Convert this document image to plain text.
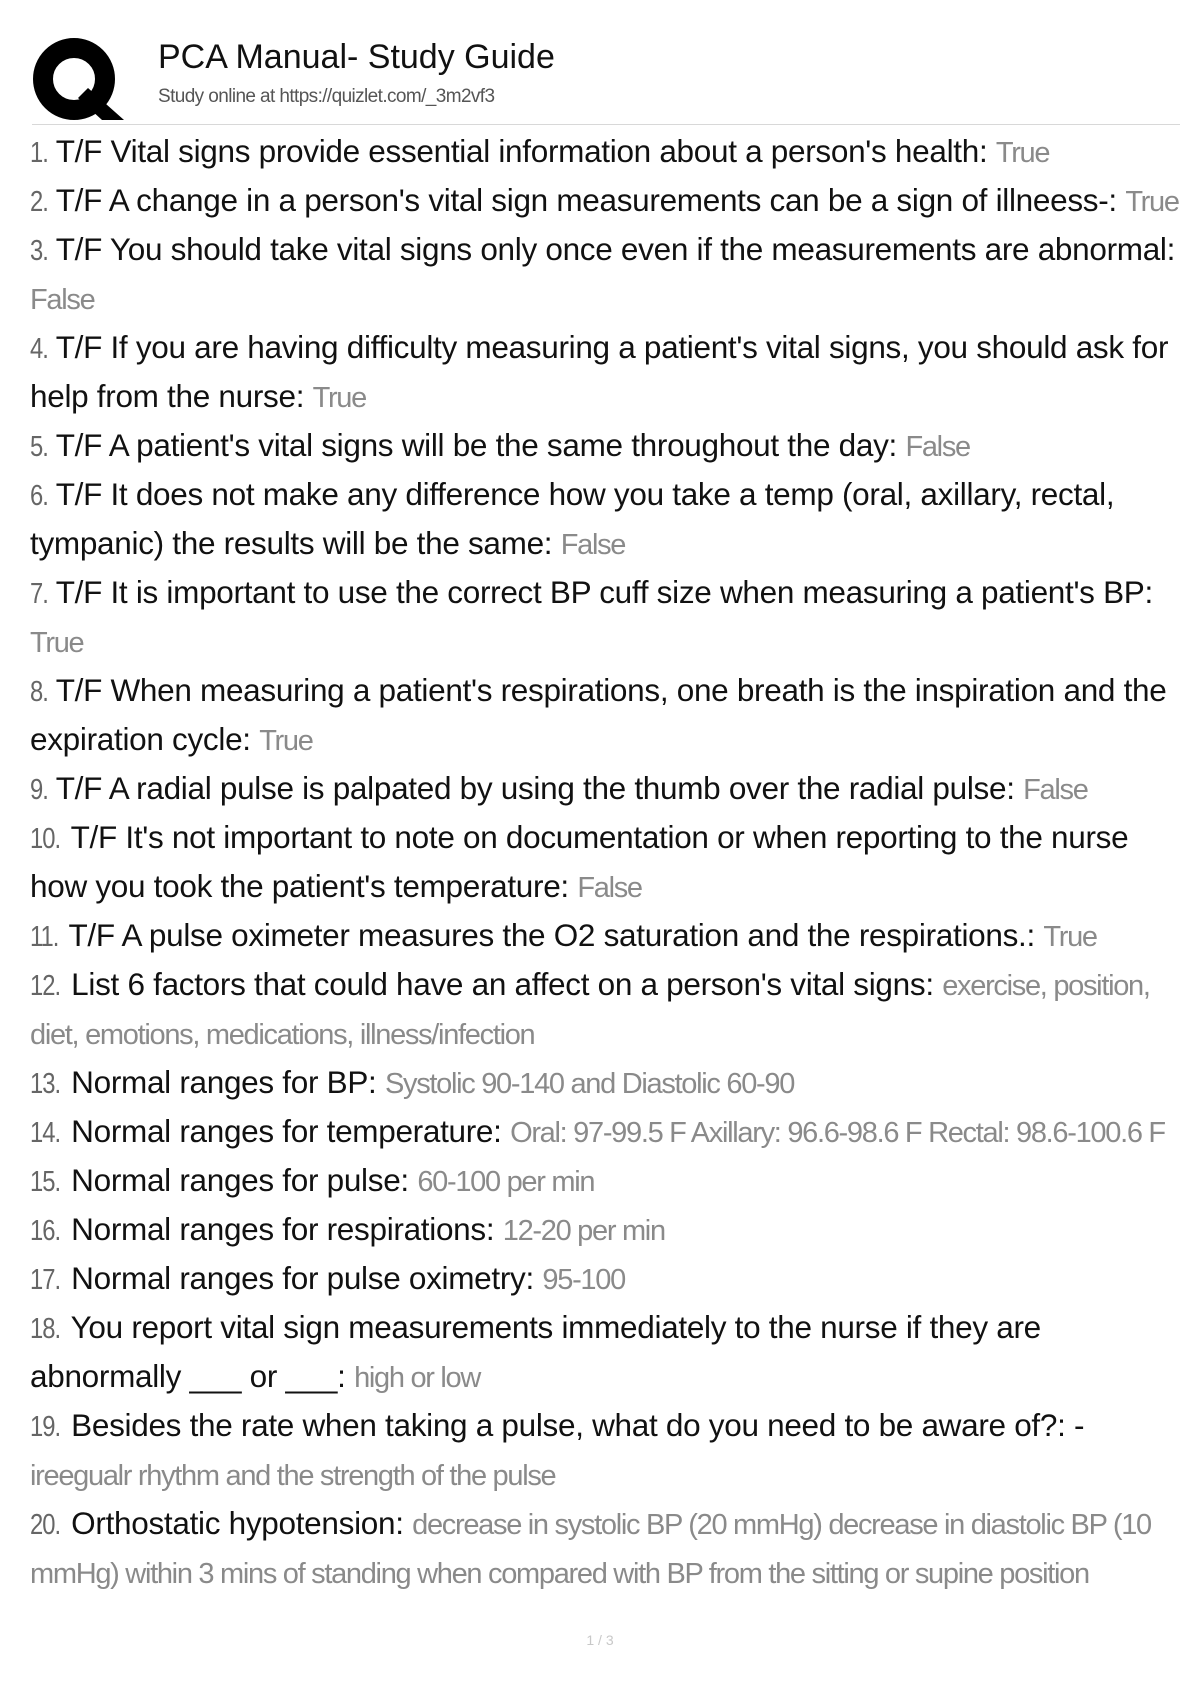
PCA Manual- Study Guide
Study online at https://quizlet.com/_3m2vf3

1. T/F Vital signs provide essential information about a person's health: True

2. T/F A change in a person's vital sign measurements can be a sign of illneess-: True

3. T/F You should take vital signs only once even if the measurements are abnormal: False

4. T/F If you are having difficulty measuring a patient's vital signs, you should ask for help from the nurse: True

5. T/F A patient's vital signs will be the same throughout the day: False

6. T/F It does not make any difference how you take a temp (oral, axillary, rectal, tympanic) the results will be the same: False

7. T/F It is important to use the correct BP cuff size when measuring a patient's BP: True

8. T/F When measuring a patient's respirations, one breath is the inspiration and the expiration cycle: True

9. T/F A radial pulse is palpated by using the thumb over the radial pulse: False

10. T/F It's not important to note on documentation or when reporting to the nurse how you took the patient's temperature: False

11. T/F A pulse oximeter measures the O2 saturation and the respirations.: True

12. List 6 factors that could have an affect on a person's vital signs: exercise, position, diet, emotions, medications, illness/infection

13. Normal ranges for BP: Systolic 90-140 and Diastolic 60-90

14. Normal ranges for temperature: Oral: 97-99.5 F Axillary: 96.6-98.6 F Rectal: 98.6-100.6 F

15. Normal ranges for pulse: 60-100 per min

16. Normal ranges for respirations: 12-20 per min

17. Normal ranges for pulse oximetry: 95-100

18. You report vital sign measurements immediately to the nurse if they are abnormally ___ or ___: high or low

19. Besides the rate when taking a pulse, what do you need to be aware of?: - ireegualr rhythm and the strength of the pulse

20. Orthostatic hypotension: decrease in systolic BP (20 mmHg) decrease in diastolic BP (10 mmHg) within 3 mins of standing when compared with BP from the sitting or supine position

1 / 3
